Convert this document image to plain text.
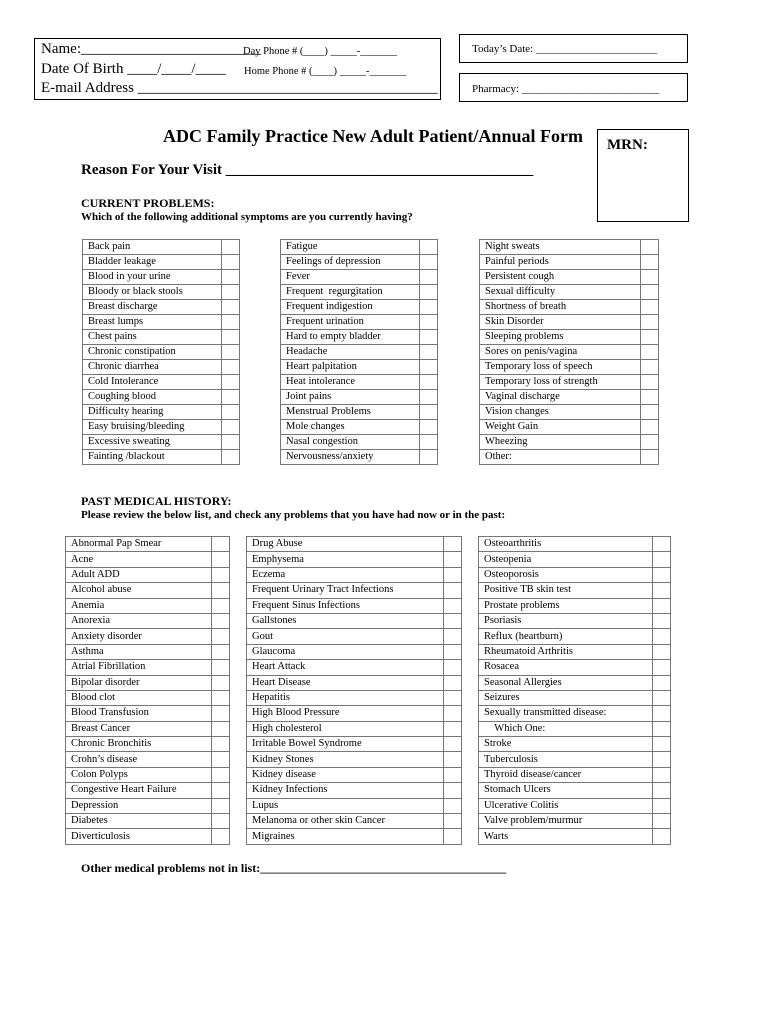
Name:________________________
Day Phone # (____) _____-_______
Date Of Birth ____/____/____ Home Phone # (____) _____-_______
E-mail Address ________________________________________
Today’s Date: ______________________
Pharmacy: _________________________
ADC Family Practice New Adult Patient/Annual Form MRN:
Reason For Your Visit _________________________________________
CURRENT PROBLEMS:
Which of the following additional symptoms are you currently having?
Back pain	
Bladder leakage	
Blood in your urine	
Bloody or black stools	
Breast discharge	
Breast lumps	
Chest pains	
Chronic constipation	
Chronic diarrhea	
Cold Intolerance	
Coughing blood	
Difficulty hearing	
Easy bruising/bleeding	
Excessive sweating	
Fainting /blackout	
Fatigue	
Feelings of depression	
Fever	
Frequent  regurgitation	
Frequent indigestion	
Frequent urination	
Hard to empty bladder	
Headache	
Heart palpitation	
Heat intolerance	
Joint pains	
Menstrual Problems	
Mole changes	
Nasal congestion	
Nervousness/anxiety	
Night sweats	
Painful periods	
Persistent cough	
Sexual difficulty	
Shortness of breath	
Skin Disorder	
Sleeping problems	
Sores on penis/vagina	
Temporary loss of speech	
Temporary loss of strength	
Vaginal discharge	
Vision changes	
Weight Gain	
Wheezing	
Other:	
PAST MEDICAL HISTORY:
Please review the below list, and check any problems that you have had now or in the past:
Abnormal Pap Smear	
Acne	
Adult ADD	
Alcohol abuse	
Anemia	
Anorexia	
Anxiety disorder	
Asthma	
Atrial Fibrillation	
Bipolar disorder	
Blood clot	
Blood Transfusion	
Breast Cancer	
Chronic Bronchitis	
Crohn’s disease	
Colon Polyps	
Congestive Heart Failure	
Depression	
Diabetes	
Diverticulosis	
Drug Abuse	
Emphysema	
Eczema	
Frequent Urinary Tract Infections	
Frequent Sinus Infections	
Gallstones	
Gout	
Glaucoma	
Heart Attack	
Heart Disease	
Hepatitis	
High Blood Pressure	
High cholesterol	
Irritable Bowel Syndrome	
Kidney Stones	
Kidney disease	
Kidney Infections	
Lupus	
Melanoma or other skin Cancer	
Migraines	
Osteoarthritis	
Osteopenia	
Osteoporosis	
Positive TB skin test	
Prostate problems	
Psoriasis	
Reflux (heartburn)	
Rheumatoid Arthritis	
Rosacea	
Seasonal Allergies	
Seizures	
Sexually transmitted disease:	
Which One:	
Stroke	
Tuberculosis	
Thyroid disease/cancer	
Stomach Ulcers	
Ulcerative Colitis	
Valve problem/murmur	
Warts	
Other medical problems not in list:_________________________________________
